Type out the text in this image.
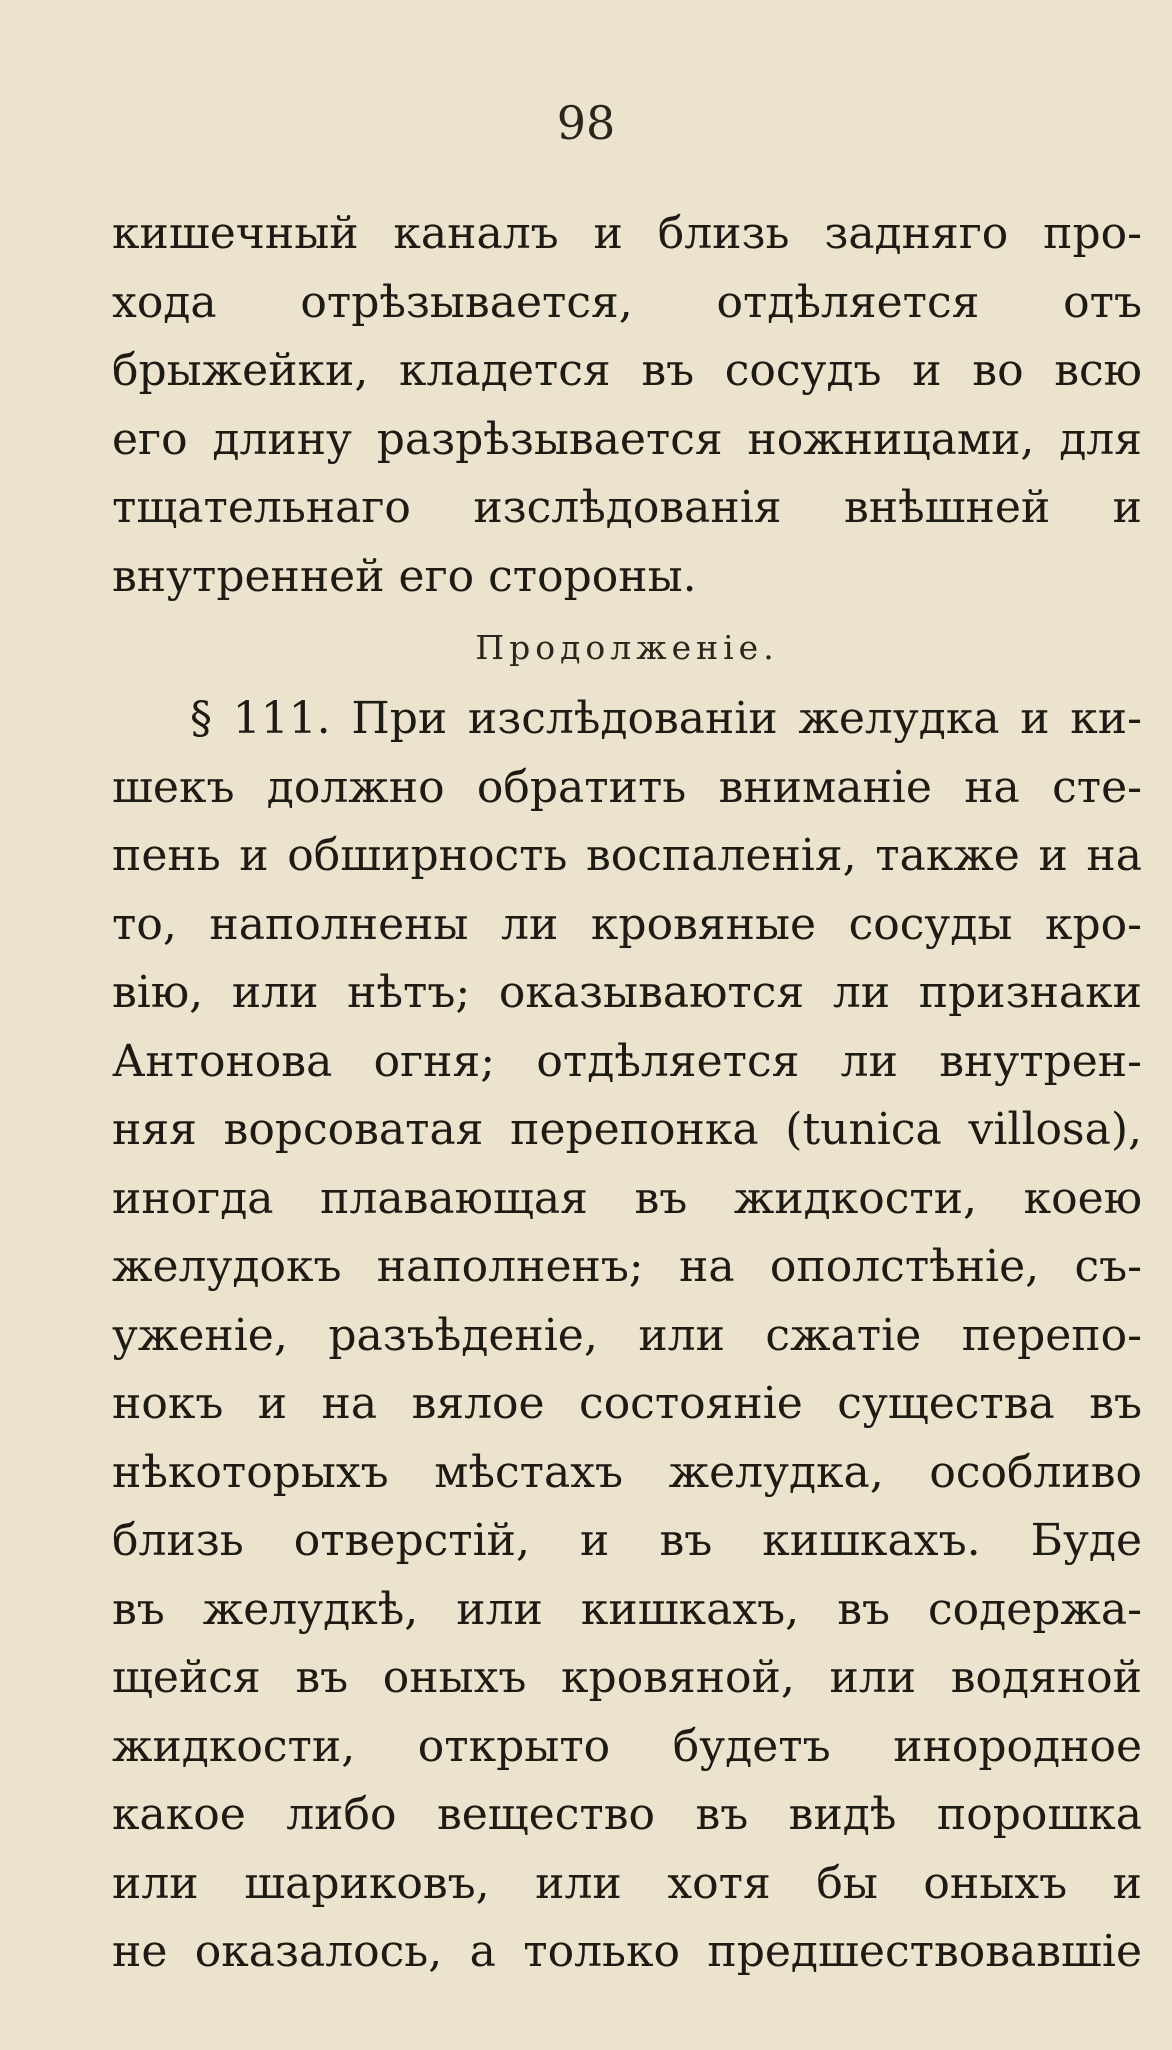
98
кишечный каналъ и близь задняго про-
хода отрѣзывается, отдѣляется отъ
брыжейки, кладется въ сосудъ и во всю
его длину разрѣзывается ножницами, для
тщательнаго изслѣдованія внѣшней и
внутренней его стороны.
Продолженіе.
§ 111. При изслѣдованіи желудка и ки-
шекъ должно обратить вниманіе на сте-
пень и обширность воспаленія, также и на
то, наполнены ли кровяные сосуды кро-
вію, или нѣтъ; оказываются ли признаки
Антонова огня; отдѣляется ли внутрен-
няя ворсоватая перепонка (tunica villosa),
иногда плавающая въ жидкости, коею
желудокъ наполненъ; на ополстѣніе, съ-
уженіе, разъѣденіе, или сжатіе перепо-
нокъ и на вялое состояніе существа въ
нѣкоторыхъ мѣстахъ желудка, особливо
близь отверстій, и въ кишкахъ. Буде
въ желудкѣ, или кишкахъ, въ содержа-
щейся въ оныхъ кровяной, или водяной
жидкости, открыто будетъ инородное
какое либо вещество въ видѣ порошка
или шариковъ, или хотя бы оныхъ и
не оказалось, а только предшествовавшіе
